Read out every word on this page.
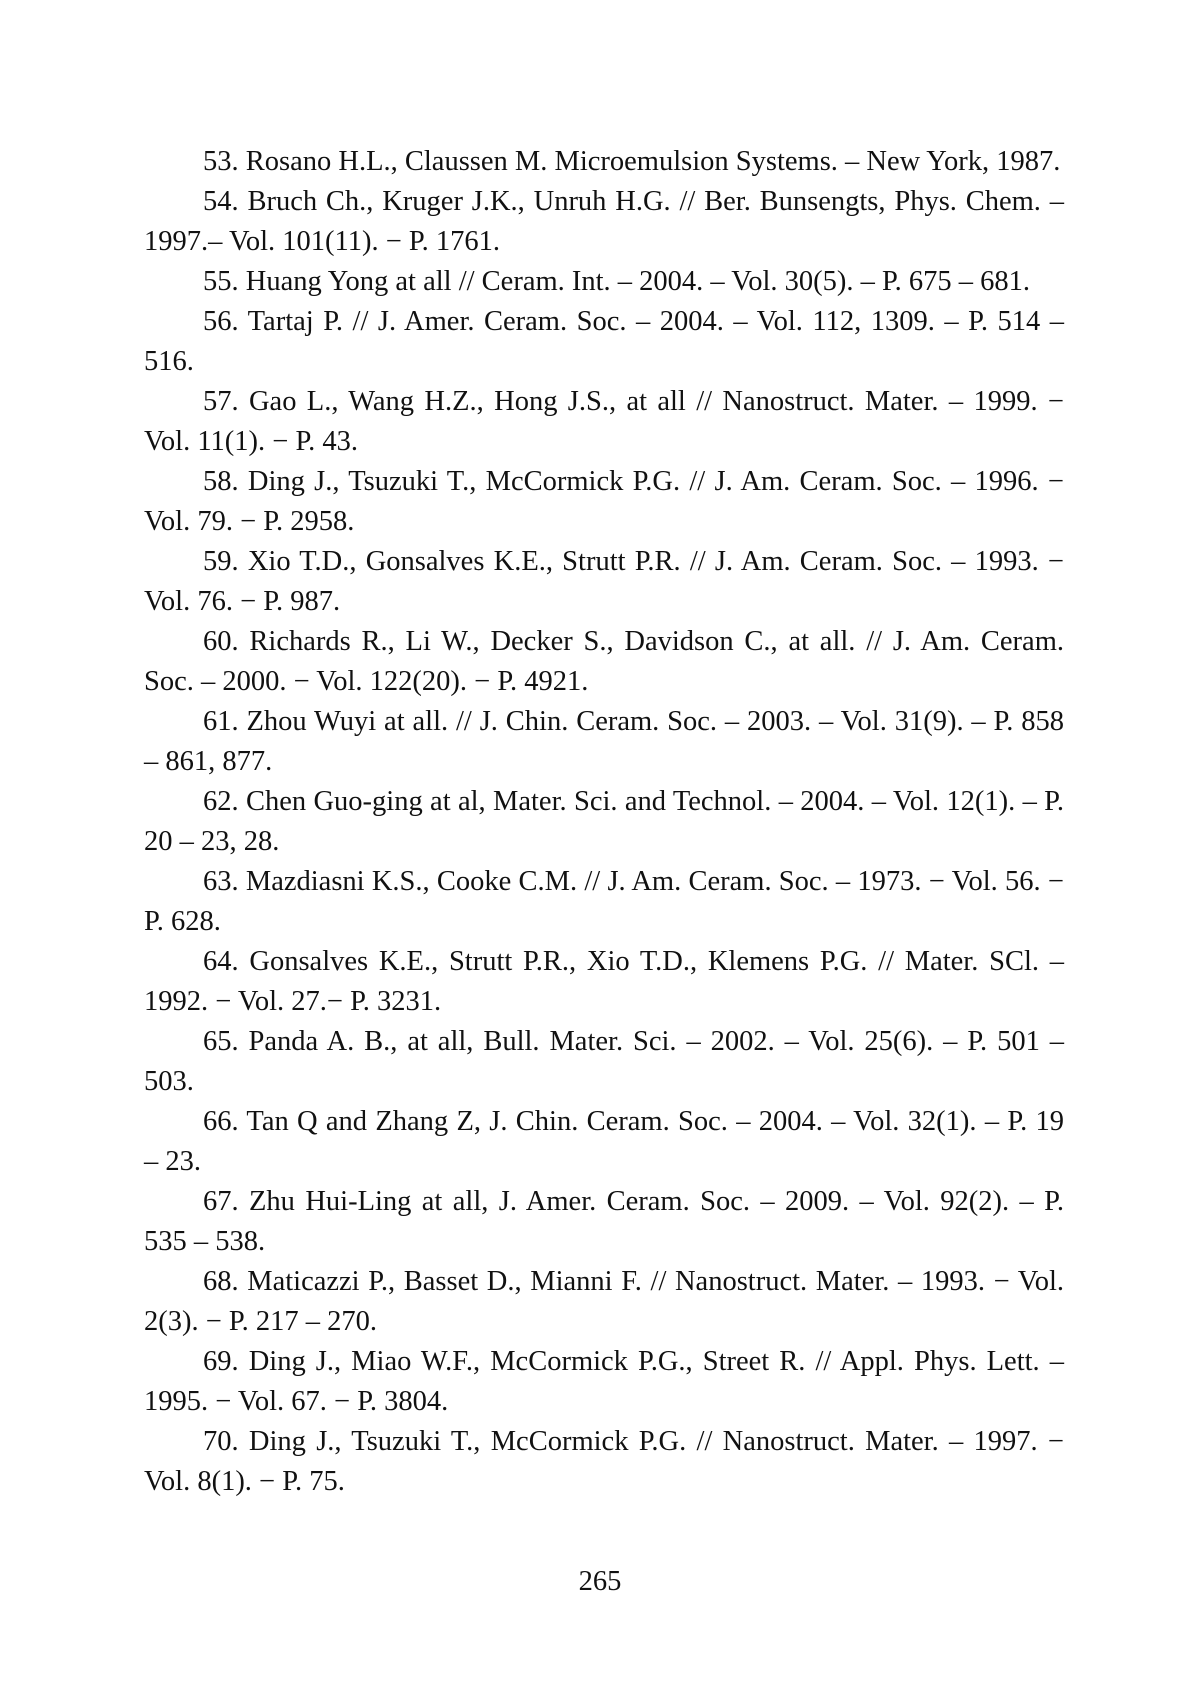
53. Rosano H.L., Claussen M. Microemulsion Systems. – New York, 1987.

54. Bruch Ch., Kruger J.K., Unruh H.G. // Ber. Bunsengts, Phys. Chem. – 1997.– Vol. 101(11). − P. 1761.

55. Huang Yong at all // Ceram. Int. – 2004. – Vol. 30(5). – P. 675 – 681.

56. Tartaj P. // J. Amer. Ceram. Soc. – 2004. – Vol. 112, 1309. – P. 514 – 516.

57. Gao L., Wang H.Z., Hong J.S., at all // Nanostruct. Mater. – 1999. − Vol. 11(1). − P. 43.

58. Ding J., Tsuzuki T., McCormick P.G. // J. Am. Ceram. Soc. – 1996. − Vol. 79. − P. 2958.

59. Xio T.D., Gonsalves K.E., Strutt P.R. // J. Am. Ceram. Soc. – 1993. − Vol. 76. − P. 987.

60. Richards R., Li W., Decker S., Davidson C., at all. // J. Am. Ceram. Soc. – 2000. − Vol. 122(20). − P. 4921.

61. Zhou Wuyi at all. // J. Chin. Ceram. Soc. – 2003. – Vol. 31(9). – P. 858 – 861, 877.

62. Chen Guo-ging at al, Mater. Sci. and Technol. – 2004. – Vol. 12(1). – P. 20 – 23, 28.

63. Mazdiasni K.S., Cooke C.M. // J. Am. Ceram. Soc. – 1973. − Vol. 56. − P. 628.

64. Gonsalves K.E., Strutt P.R., Xio T.D., Klemens P.G. // Mater. SCl. – 1992. − Vol. 27.− P. 3231.

65. Panda A. B., at all, Bull. Mater. Sci. – 2002. – Vol. 25(6). – P. 501 – 503.

66. Tan Q and Zhang Z, J. Chin. Ceram. Soc. – 2004. – Vol. 32(1). – P. 19 – 23.

67. Zhu Hui-Ling at all, J. Amer. Ceram. Soc. – 2009. – Vol. 92(2). – P. 535 – 538.

68. Maticazzi P., Basset D., Mianni F. // Nanostruct. Mater. – 1993. − Vol. 2(3). − P. 217 – 270.

69. Ding J., Miao W.F., McCormick P.G., Street R. // Appl. Phys. Lett. – 1995. − Vol. 67. − P. 3804.

70. Ding J., Tsuzuki T., McCormick P.G. // Nanostruct. Mater. – 1997. − Vol. 8(1). − P. 75.

265
